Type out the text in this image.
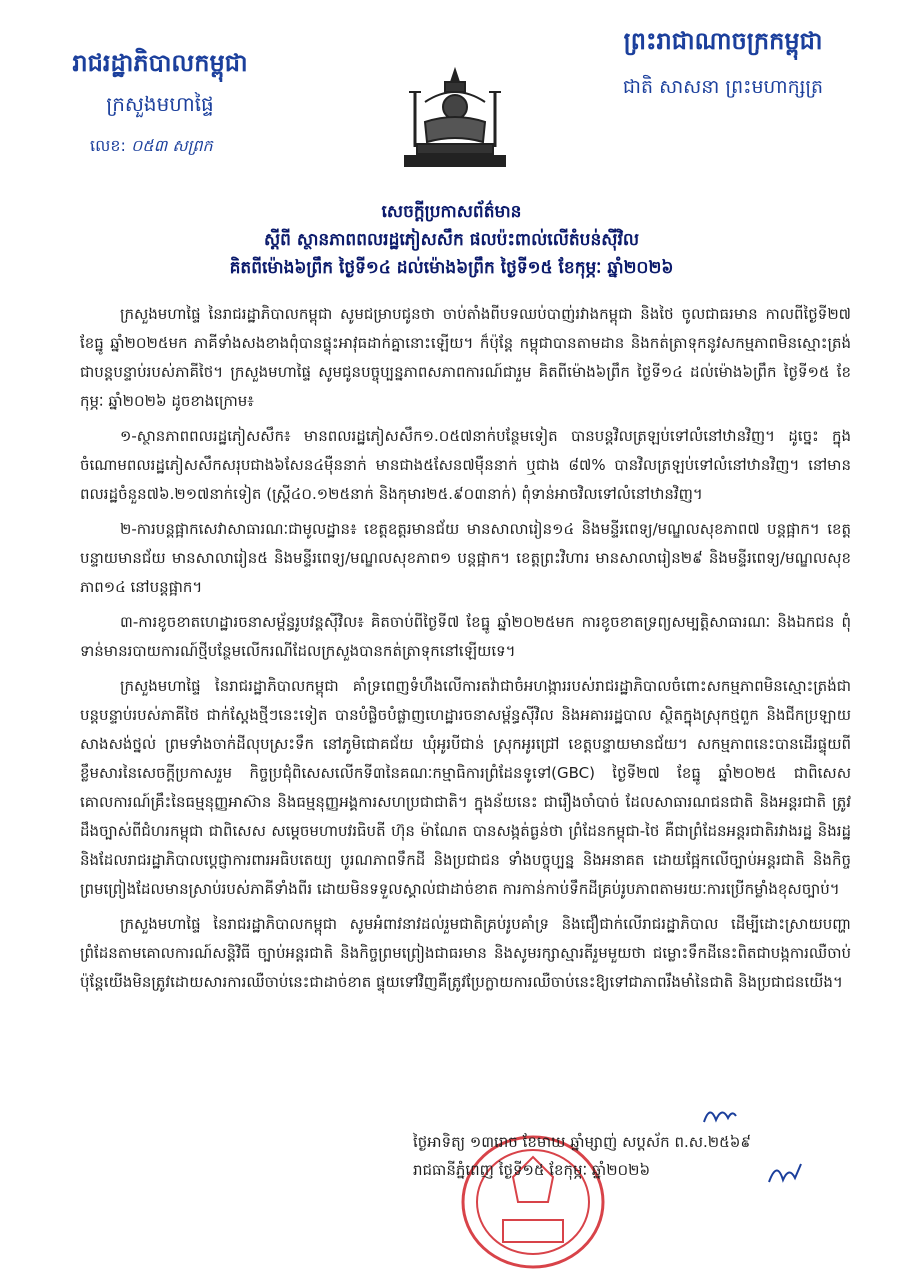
រាជរដ្ឋាភិបាលកម្ពុជា
ក្រសួងមហាផ្ទៃ
លេខ: ០៥៣ សព្រក
ព្រះរាជាណាចក្រកម្ពុជា
ជាតិ សាសនា ព្រះមហាក្សត្រ
សេចក្តីប្រកាសព័ត៌មាន
ស្តីពី ស្ថានភាពពលរដ្ឋភៀសសឹក ផលប៉ះពាល់លើតំបន់ស៊ីវិល
គិតពីម៉ោង៦ព្រឹក ថ្ងៃទី១៤ ដល់ម៉ោង៦ព្រឹក ថ្ងៃទី១៥ ខែកុម្ភៈ ឆ្នាំ២០២៦

ក្រសួងមហាផ្ទៃ នៃរាជរដ្ឋាភិបាលកម្ពុជា សូមជម្រាបជូនថា ចាប់តាំងពីបទឈប់បាញ់រវាងកម្ពុជា និងថៃ ចូលជាធរមាន កាលពីថ្ងៃទី២៧ ខែធ្នូ ឆ្នាំ២០២៥មក ភាគីទាំងសងខាងពុំបានផ្ទុះអាវុធដាក់គ្នានោះឡើយ។ ក៏ប៉ុន្តែ កម្ពុជាបានតាមដាន និងកត់ត្រាទុកនូវសកម្មភាពមិនស្មោះត្រង់ជាបន្តបន្ទាប់របស់ភាគីថៃ។ ក្រសួងមហាផ្ទៃ សូមជូនបច្ចុប្បន្នភាពសភាពការណ៍ជារួម គិតពីម៉ោង៦ព្រឹក ថ្ងៃទី១៤ ដល់ម៉ោង៦ព្រឹក ថ្ងៃទី១៥ ខែកុម្ភៈ ឆ្នាំ២០២៦ ដូចខាងក្រោម៖

១-ស្ថានភាពពលរដ្ឋភៀសសឹក៖ មានពលរដ្ឋភៀសសឹក១.០៥៧នាក់បន្ថែមទៀត បានបន្តវិលត្រឡប់ទៅលំនៅឋានវិញ។ ដូច្នេះ ក្នុងចំណោមពលរដ្ឋភៀសសឹកសរុបជាង៦សែន៤ម៉ឺននាក់ មានជាង៥សែន៧ម៉ឺននាក់ ឬជាង ៨៧% បានវិលត្រឡប់ទៅលំនៅឋានវិញ។ នៅមានពលរដ្ឋចំនួន៧៦.២១៧នាក់ទៀត (ស្ត្រី៤០.១២៥នាក់ និងកុមារ២៥.៩០៣នាក់) ពុំទាន់អាចវិលទៅលំនៅឋានវិញ។

២-ការបន្តផ្អាកសេវាសាធារណៈជាមូលដ្ឋាន៖ ខេត្តឧត្តរមានជ័យ មានសាលារៀន១៤ និងមន្ទីរពេទ្យ/មណ្ឌលសុខភាព៧ បន្តផ្អាក។ ខេត្តបន្ទាយមានជ័យ មានសាលារៀន៥ និងមន្ទីរពេទ្យ/មណ្ឌលសុខភាព១ បន្តផ្អាក។ ខេត្តព្រះវិហារ មានសាលារៀន២៩ និងមន្ទីរពេទ្យ/មណ្ឌលសុខភាព១៤ នៅបន្តផ្អាក។

៣-ការខូចខាតហេដ្ឋារចនាសម្ព័ន្ធរូបវន្តស៊ីវិល៖ គិតចាប់ពីថ្ងៃទី៧ ខែធ្នូ ឆ្នាំ២០២៥មក ការខូចខាតទ្រព្យសម្បត្តិសាធារណៈ និងឯកជន ពុំទាន់មានរបាយការណ៍ថ្មីបន្ថែមលើករណីដែលក្រសួងបានកត់ត្រាទុកនៅឡើយទេ។

ក្រសួងមហាផ្ទៃ នៃរាជរដ្ឋាភិបាលកម្ពុជា គាំទ្រពេញទំហឹងលើការតវ៉ាជាចំអហង្ការរបស់រាជរដ្ឋាភិបាលចំពោះសកម្មភាពមិនស្មោះត្រង់ជាបន្តបន្ទាប់របស់ភាគីថៃ ជាក់ស្តែងថ្មីៗនេះទៀត បានបំផ្លិចបំផ្លាញហេដ្ឋារចនាសម្ព័ន្ធស៊ីវិល និងអគាររដ្ឋបាល ស្ថិតក្នុងស្រុកថ្មពួក និងជីកប្រឡាយ សាងសង់ថ្នល់ ព្រមទាំងចាក់ដីលុបស្រះទឹក នៅភូមិជោគជ័យ ឃុំអូរបីជាន់ ស្រុកអូរជ្រៅ ខេត្តបន្ទាយមានជ័យ។ សកម្មភាពនេះបានដើរផ្ទុយពីខ្លឹមសារនៃសេចក្តីប្រកាសរួម កិច្ចប្រជុំពិសេសលើកទី៣នៃគណៈកម្មាធិការព្រំដែនទូទៅ(GBC) ថ្ងៃទី២៧ ខែធ្នូ ឆ្នាំ២០២៥ ជាពិសេសគោលការណ៍គ្រឹះនៃធម្មនុញ្ញអាស៊ាន និងធម្មនុញ្ញអង្គការសហប្រជាជាតិ។ ក្នុងន័យនេះ ជារឿងចាំបាច់ ដែលសាធារណជនជាតិ និងអន្តរជាតិ ត្រូវដឹងច្បាស់ពីជំហរកម្ពុជា ជាពិសេស សម្តេចមហាបវរធិបតី ហ៊ុន ម៉ាណែត បានសង្កត់ធ្ងន់ថា ព្រំដែនកម្ពុជា-ថៃ គឺជាព្រំដែនអន្តរជាតិរវាងរដ្ឋ និងរដ្ឋ និងដែលរាជរដ្ឋាភិបាលប្តេជ្ញាការពារអធិបតេយ្យ បូរណភាពទឹកដី និងប្រជាជន ទាំងបច្ចុប្បន្ន និងអនាគត ដោយផ្អែកលើច្បាប់អន្តរជាតិ និងកិច្ចព្រមព្រៀងដែលមានស្រាប់របស់ភាគីទាំងពីរ ដោយមិនទទួលស្គាល់ជាដាច់ខាត ការកាន់កាប់ទឹកដីគ្រប់រូបភាពតាមរយៈការប្រើកម្លាំងខុសច្បាប់។

ក្រសួងមហាផ្ទៃ នៃរាជរដ្ឋាភិបាលកម្ពុជា សូមអំពាវនាវដល់រួមជាតិគ្រប់រូបគាំទ្រ និងជឿជាក់លើរាជរដ្ឋាភិបាល ដើម្បីដោះស្រាយបញ្ហាព្រំដែនតាមគោលការណ៍សន្តិវិធី ច្បាប់អន្តរជាតិ និងកិច្ចព្រមព្រៀងជាធរមាន និងសូមរក្សាស្មារតីរួមមួយថា ជម្លោះទឹកដីនេះពិតជាបង្កការឈឺចាប់ ប៉ុន្តែយើងមិនត្រូវដោយសារការឈឺចាប់នេះជាដាច់ខាត ផ្ទុយទៅវិញគឺត្រូវប្រែក្លាយការឈឺចាប់នេះឱ្យទៅជាភាពរឹងមាំនៃជាតិ និងប្រជាជនយើង។

ថ្ងៃអាទិត្យ ១៣រោច ខែមាឃ ឆ្នាំម្សាញ់ សប្តស័ក ព.ស.២៥៦៩
រាជធានីភ្នំពេញ ថ្ងៃទី១៥ ខែកុម្ភៈ ឆ្នាំ២០២៦
